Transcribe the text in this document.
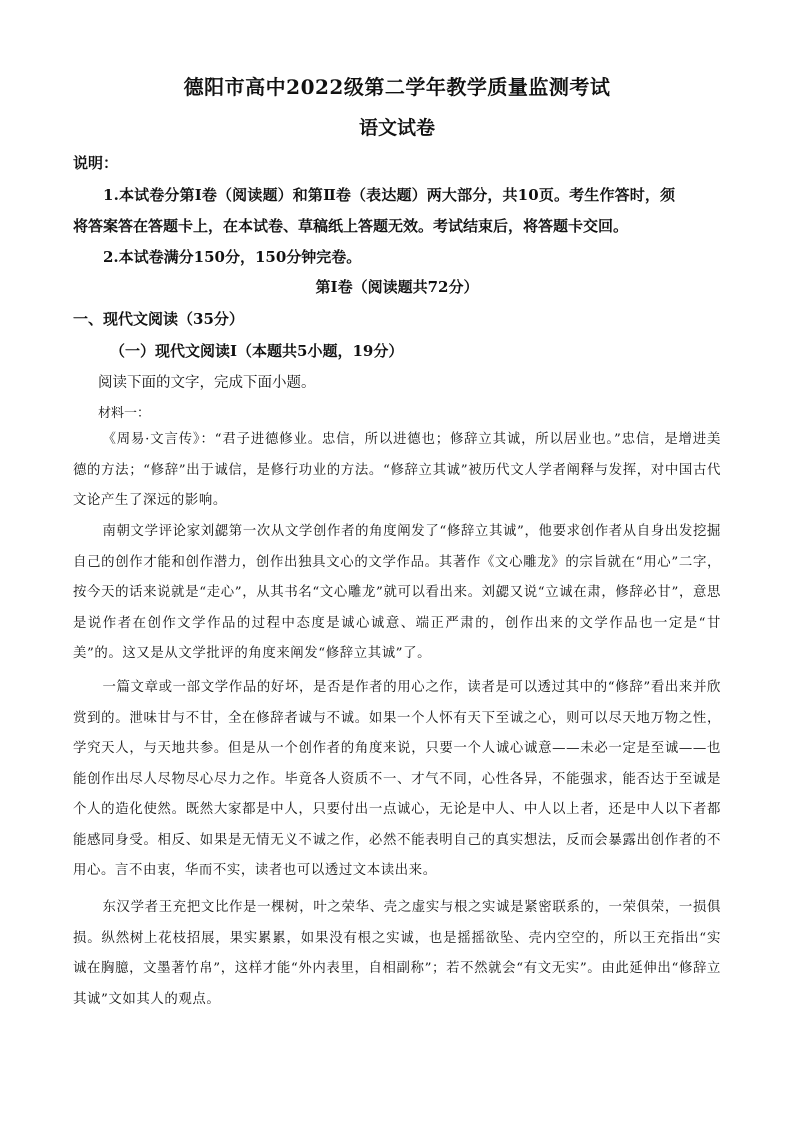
德阳市高中2022级第二学年教学质量监测考试
语文试卷
说明：
1.本试卷分第Ⅰ卷（阅读题）和第Ⅱ卷（表达题）两大部分，共10页。考生作答时，须
将答案答在答题卡上，在本试卷、草稿纸上答题无效。考试结束后，将答题卡交回。
2.本试卷满分150分，150分钟完卷。
第Ⅰ卷（阅读题共72分）
一、现代文阅读（35分）
（一）现代文阅读Ⅰ（本题共5小题，19分）
阅读下面的文字，完成下面小题。
材料一：

《周易·文言传》：“君子进德修业。忠信，所以进德也；修辞立其诚，所以居业也。”忠信，是增进美德的方法；“修辞”出于诚信，是修行功业的方法。“修辞立其诚”被历代文人学者阐释与发挥，对中国古代文论产生了深远的影响。

南朝文学评论家刘勰第一次从文学创作者的角度阐发了“修辞立其诚”，他要求创作者从自身出发挖掘自己的创作才能和创作潜力，创作出独具文心的文学作品。其著作《文心雕龙》的宗旨就在“用心”二字，按今天的话来说就是“走心”，从其书名“文心雕龙”就可以看出来。刘勰又说“立诚在肃，修辞必甘”，意思是说作者在创作文学作品的过程中态度是诚心诚意、端正严肃的，创作出来的文学作品也一定是“甘美”的。这又是从文学批评的角度来阐发“修辞立其诚”了。

一篇文章或一部文学作品的好坏，是否是作者的用心之作，读者是可以透过其中的“修辞”看出来并欣赏到的。泄味甘与不甘，全在修辞者诚与不诚。如果一个人怀有天下至诚之心，则可以尽天地万物之性，学究天人，与天地共参。但是从一个创作者的角度来说，只要一个人诚心诚意——未必一定是至诚——也能创作出尽人尽物尽心尽力之作。毕竟各人资质不一、才气不同，心性各异，不能强求，能否达于至诚是个人的造化使然。既然大家都是中人，只要付出一点诚心，无论是中人、中人以上者，还是中人以下者都能感同身受。相反、如果是无情无义不诚之作，必然不能表明自己的真实想法，反而会暴露出创作者的不用心。言不由衷，华而不实，读者也可以透过文本读出来。

东汉学者王充把文比作是一棵树，叶之荣华、壳之虚实与根之实诚是紧密联系的，一荣俱荣，一损俱损。纵然树上花枝招展，果实累累，如果没有根之实诚，也是摇摇欲坠、壳内空空的，所以王充指出“实诚在胸臆，文墨著竹帛”，这样才能“外内表里，自相副称”；若不然就会“有文无实”。由此延伸出“修辞立其诚”文如其人的观点。
